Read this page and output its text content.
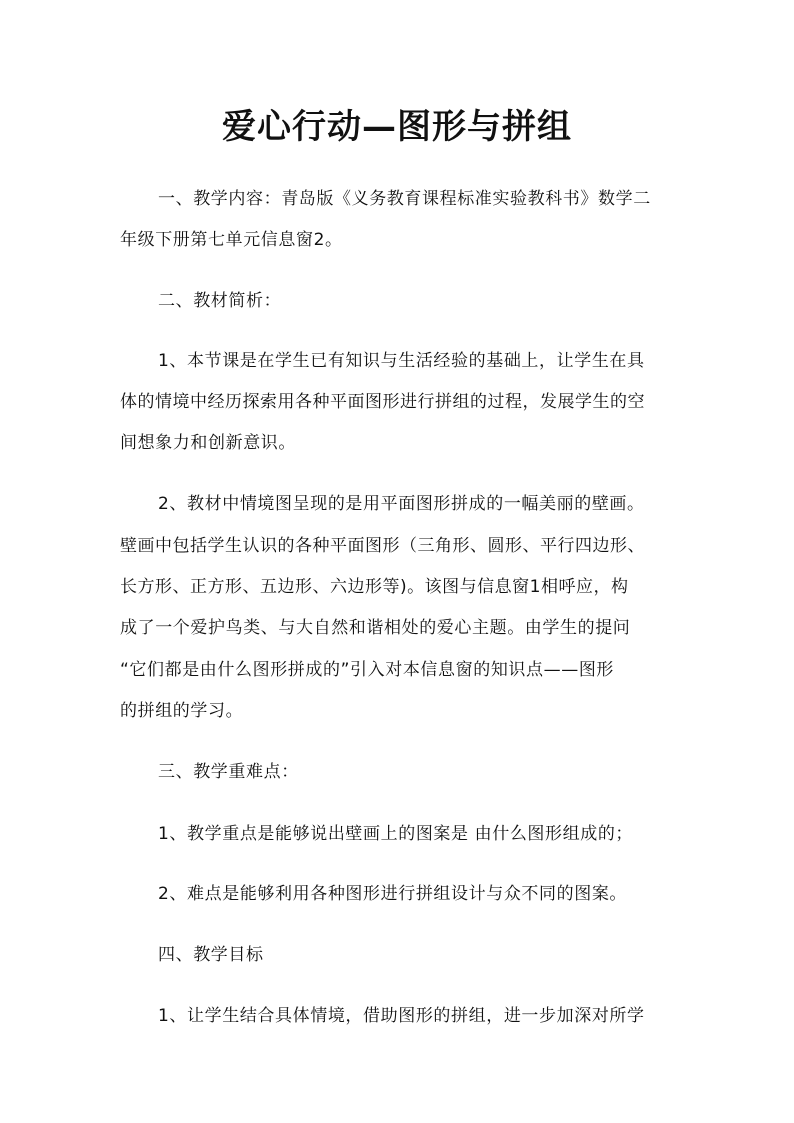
爱心行动—图形与拼组
一、教学内容：青岛版《义务教育课程标准实验教科书》数学二
年级下册第七单元信息窗2。
二、教材简析：
1、本节课是在学生已有知识与生活经验的基础上，让学生在具
体的情境中经历探索用各种平面图形进行拼组的过程，发展学生的空
间想象力和创新意识。
2、教材中情境图呈现的是用平面图形拼成的一幅美丽的壁画。
壁画中包括学生认识的各种平面图形（三角形、圆形、平行四边形、
长方形、正方形、五边形、六边形等)。该图与信息窗1相呼应，构
成了一个爱护鸟类、与大自然和谐相处的爱心主题。由学生的提问
“它们都是由什么图形拼成的”引入对本信息窗的知识点——图形
的拼组的学习。
三、教学重难点：
1、教学重点是能够说出壁画上的图案是 由什么图形组成的；
2、难点是能够利用各种图形进行拼组设计与众不同的图案。
四、教学目标
1、让学生结合具体情境，借助图形的拼组，进一步加深对所学
